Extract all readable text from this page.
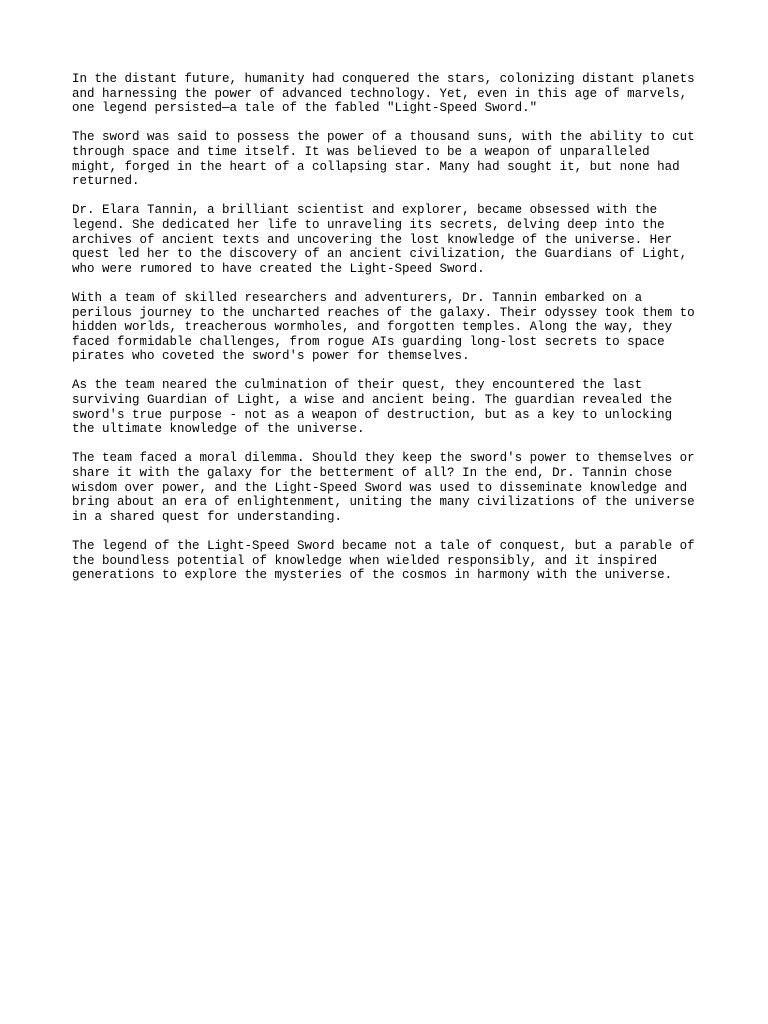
In the distant future, humanity had conquered the stars, colonizing distant planets
and harnessing the power of advanced technology. Yet, even in this age of marvels,
one legend persisted—a tale of the fabled "Light-Speed Sword."

The sword was said to possess the power of a thousand suns, with the ability to cut
through space and time itself. It was believed to be a weapon of unparalleled
might, forged in the heart of a collapsing star. Many had sought it, but none had
returned.

Dr. Elara Tannin, a brilliant scientist and explorer, became obsessed with the
legend. She dedicated her life to unraveling its secrets, delving deep into the
archives of ancient texts and uncovering the lost knowledge of the universe. Her
quest led her to the discovery of an ancient civilization, the Guardians of Light,
who were rumored to have created the Light-Speed Sword.

With a team of skilled researchers and adventurers, Dr. Tannin embarked on a
perilous journey to the uncharted reaches of the galaxy. Their odyssey took them to
hidden worlds, treacherous wormholes, and forgotten temples. Along the way, they
faced formidable challenges, from rogue AIs guarding long-lost secrets to space
pirates who coveted the sword's power for themselves.

As the team neared the culmination of their quest, they encountered the last
surviving Guardian of Light, a wise and ancient being. The guardian revealed the
sword's true purpose - not as a weapon of destruction, but as a key to unlocking
the ultimate knowledge of the universe.

The team faced a moral dilemma. Should they keep the sword's power to themselves or
share it with the galaxy for the betterment of all? In the end, Dr. Tannin chose
wisdom over power, and the Light-Speed Sword was used to disseminate knowledge and
bring about an era of enlightenment, uniting the many civilizations of the universe
in a shared quest for understanding.

The legend of the Light-Speed Sword became not a tale of conquest, but a parable of
the boundless potential of knowledge when wielded responsibly, and it inspired
generations to explore the mysteries of the cosmos in harmony with the universe.
